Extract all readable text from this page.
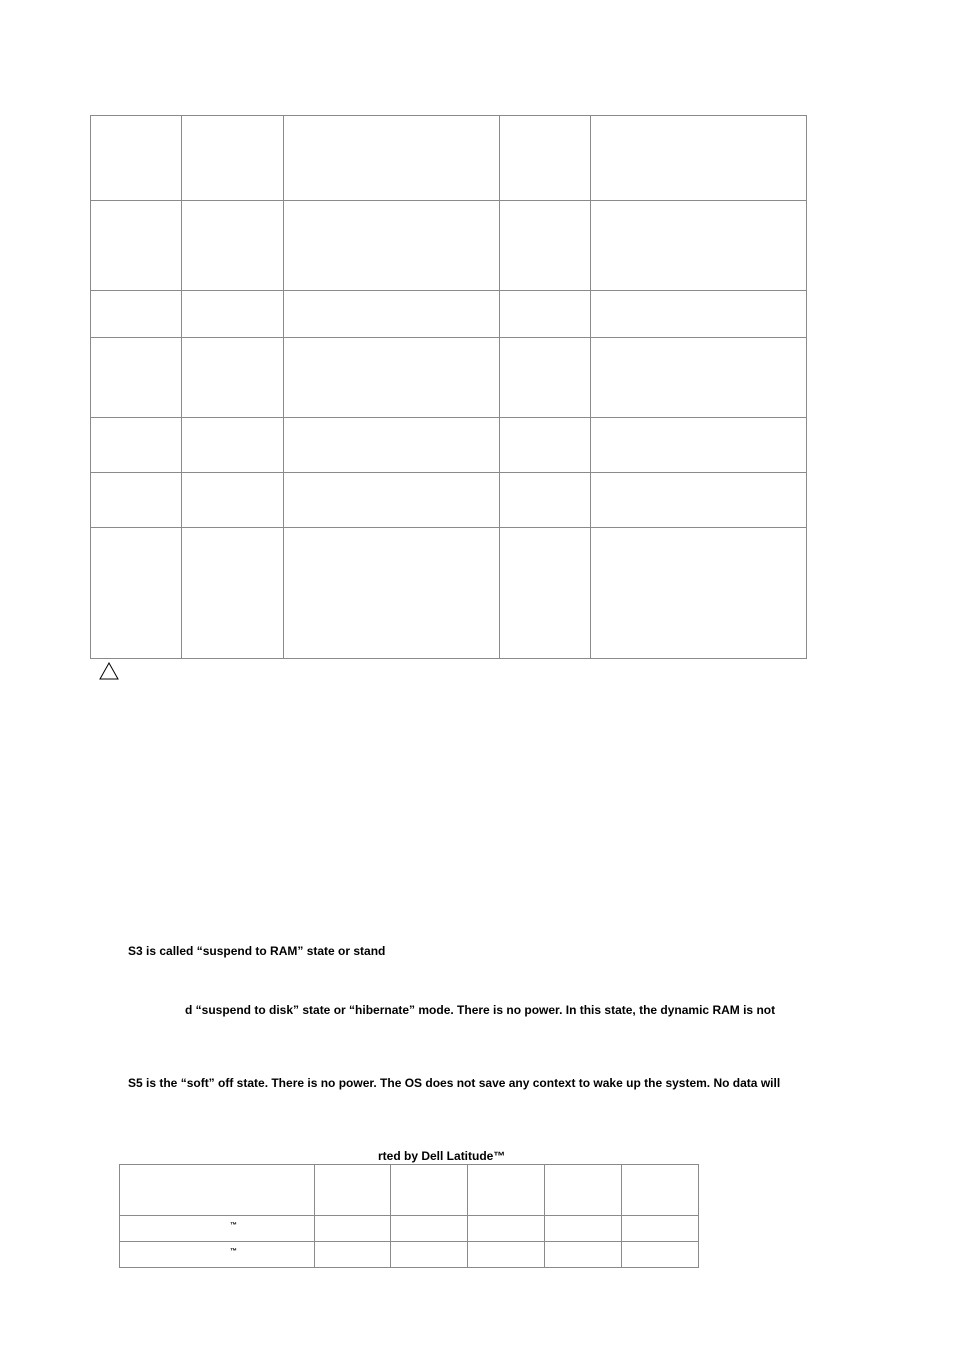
S3 is called “suspend to RAM” state or stand
d “suspend to disk” state or “hibernate” mode. There is no power. In this state, the dynamic RAM is not
S5 is the “soft” off state. There is no power. The OS does not save any context to wake up the system. No data will
rted by Dell Latitude™

™					

™					
